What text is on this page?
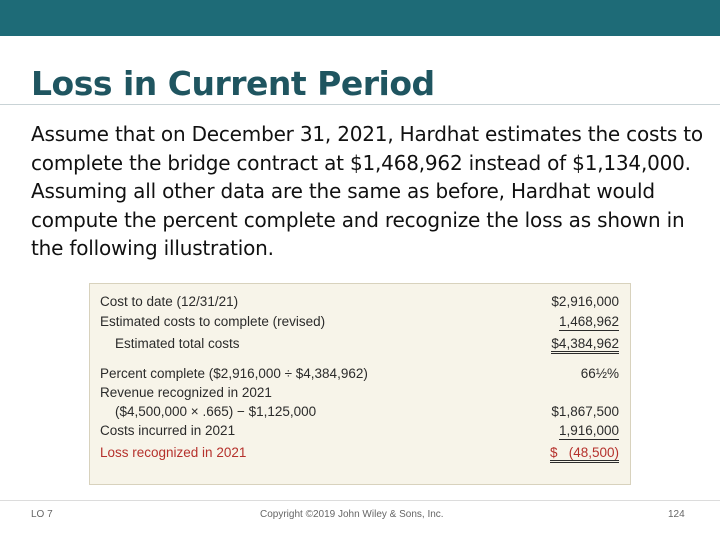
Loss in Current Period
Assume that on December 31, 2021, Hardhat estimates the costs to
complete the bridge contract at $1,468,962 instead of $1,134,000.
Assuming all other data are the same as before, Hardhat would
compute the percent complete and recognize the loss as shown in
the following illustration.
Cost to date (12/31/21)	$2,916,000
Estimated costs to complete (revised)	1,468,962
Estimated total costs	$4,384,962
Percent complete ($2,916,000 ÷ $4,384,962)	66½%
Revenue recognized in 2021
($4,500,000 × .665) − $1,125,000	$1,867,500
Costs incurred in 2021	1,916,000
Loss recognized in 2021	$   (48,500)
LO 7	Copyright ©2019 John Wiley & Sons, Inc.	124
